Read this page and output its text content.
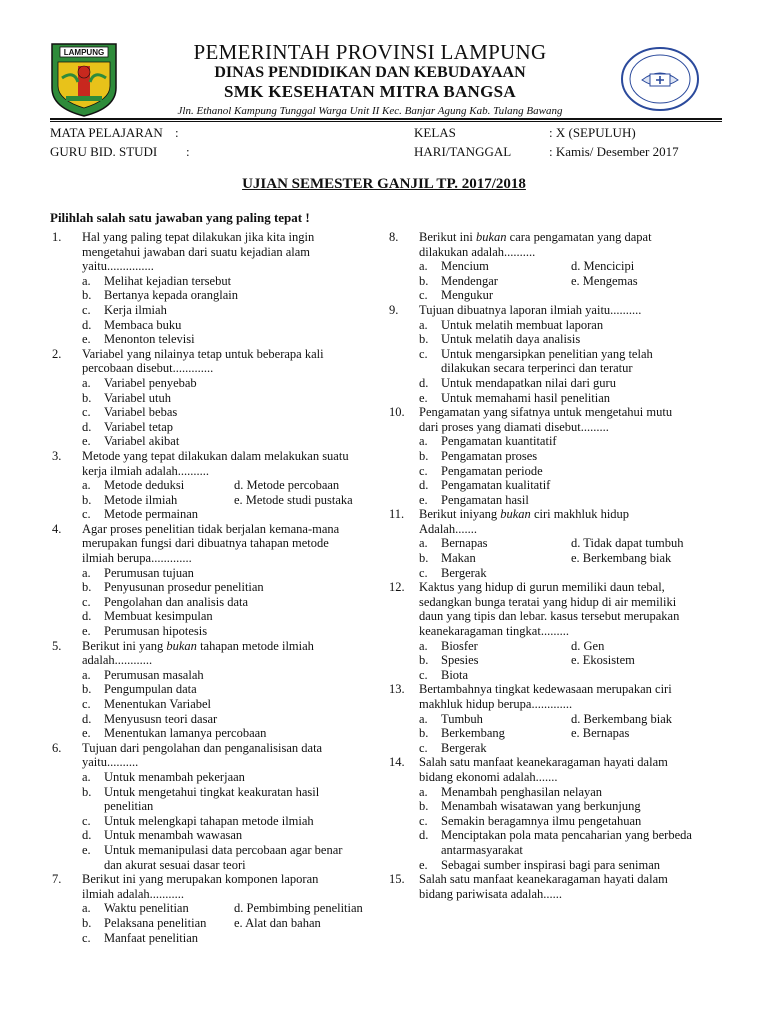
LAMPUNG	PEMERINTAH PROVINSI LAMPUNG
DINAS PENDIDIKAN DAN KEBUDAYAAN
SMK KESEHATAN MITRA BANGSA
Jln. Ethanol Kampung Tunggal Warga Unit II Kec. Banjar Agung Kab. Tulang Bawang
MATA PELAJARAN :
GURU BID. STUDI :
KELAS	: X (SEPULUH)
HARI/TANGGAL	: Kamis/ Desember 2017
UJIAN SEMESTER GANJIL TP. 2017/2018
Pilihlah salah satu jawaban yang paling tepat !
1. Hal yang paling tepat dilakukan jika kita ingin
mengetahui jawaban dari suatu kejadian alam
yaitu...............
a. Melihat kejadian tersebut
b. Bertanya kepada oranglain
c. Kerja ilmiah
d. Membaca buku
e. Menonton televisi
2. Variabel yang nilainya tetap untuk beberapa kali
percobaan disebut.............
a. Variabel penyebab
b. Variabel utuh
c. Variabel bebas
d. Variabel tetap
e. Variabel akibat
3. Metode yang tepat dilakukan dalam melakukan suatu
kerja ilmiah adalah..........
a. Metode deduksi	d. Metode percobaan
b. Metode ilmiah	e. Metode studi pustaka
c. Metode permainan
4. Agar proses penelitian tidak berjalan kemana-mana
merupakan fungsi dari dibuatnya tahapan metode
ilmiah berupa.............
a. Perumusan tujuan
b. Penyusunan prosedur penelitian
c. Pengolahan dan analisis data
d. Membuat kesimpulan
e. Perumusan hipotesis
5. Berikut ini yang bukan tahapan metode ilmiah
adalah............
a. Perumusan masalah
b. Pengumpulan data
c. Menentukan Variabel
d. Menyususn teori dasar
e. Menentukan lamanya percobaan
6. Tujuan dari pengolahan dan penganalisisan data
yaitu..........
a. Untuk menambah pekerjaan
b. Untuk mengetahui tingkat keakuratan hasil
penelitian
c. Untuk melengkapi tahapan metode ilmiah
d. Untuk menambah wawasan
e. Untuk memanipulasi data percobaan agar benar
dan akurat sesuai dasar teori
7. Berikut ini yang merupakan komponen laporan
ilmiah adalah...........
a. Waktu penelitian	d. Pembimbing penelitian
b. Pelaksana penelitian e. Alat dan bahan
c. Manfaat penelitian
8. Berikut ini bukan cara pengamatan yang dapat
dilakukan adalah..........
a. Mencium	d. Mencicipi
b. Mendengar	e. Mengemas
c. Mengukur
9. Tujuan dibuatnya laporan ilmiah yaitu..........
a. Untuk melatih membuat laporan
b. Untuk melatih daya analisis
c. Untuk mengarsipkan penelitian yang telah
dilakukan secara terperinci dan teratur
d. Untuk mendapatkan nilai dari guru
e. Untuk memahami hasil penelitian
10. Pengamatan yang sifatnya untuk mengetahui mutu
dari proses yang diamati disebut.........
a. Pengamatan kuantitatif
b. Pengamatan proses
c. Pengamatan periode
d. Pengamatan kualitatif
e. Pengamatan hasil
11. Berikut iniyang bukan ciri makhluk hidup
Adalah.......
a. Bernapas	d. Tidak dapat tumbuh
b. Makan	e. Berkembang biak
c. Bergerak
12. Kaktus yang hidup di gurun memiliki daun tebal,
sedangkan bunga teratai yang hidup di air memiliki
daun yang tipis dan lebar. kasus tersebut merupakan
keanekaragaman tingkat.........
a. Biosfer	d. Gen
b. Spesies	e. Ekosistem
c. Biota
13. Bertambahnya tingkat kedewasaan merupakan ciri
makhluk hidup berupa.............
a. Tumbuh	d. Berkembang biak
b. Berkembang	e. Bernapas
c. Bergerak
14. Salah satu manfaat keanekaragaman hayati dalam
bidang ekonomi adalah.......
a. Menambah penghasilan nelayan
b. Menambah wisatawan yang berkunjung
c. Semakin beragamnya ilmu pengetahuan
d. Menciptakan pola mata pencaharian yang berbeda
antarmasyarakat
e. Sebagai sumber inspirasi bagi para seniman
15. Salah satu manfaat keanekaragaman hayati dalam
bidang pariwisata adalah......
